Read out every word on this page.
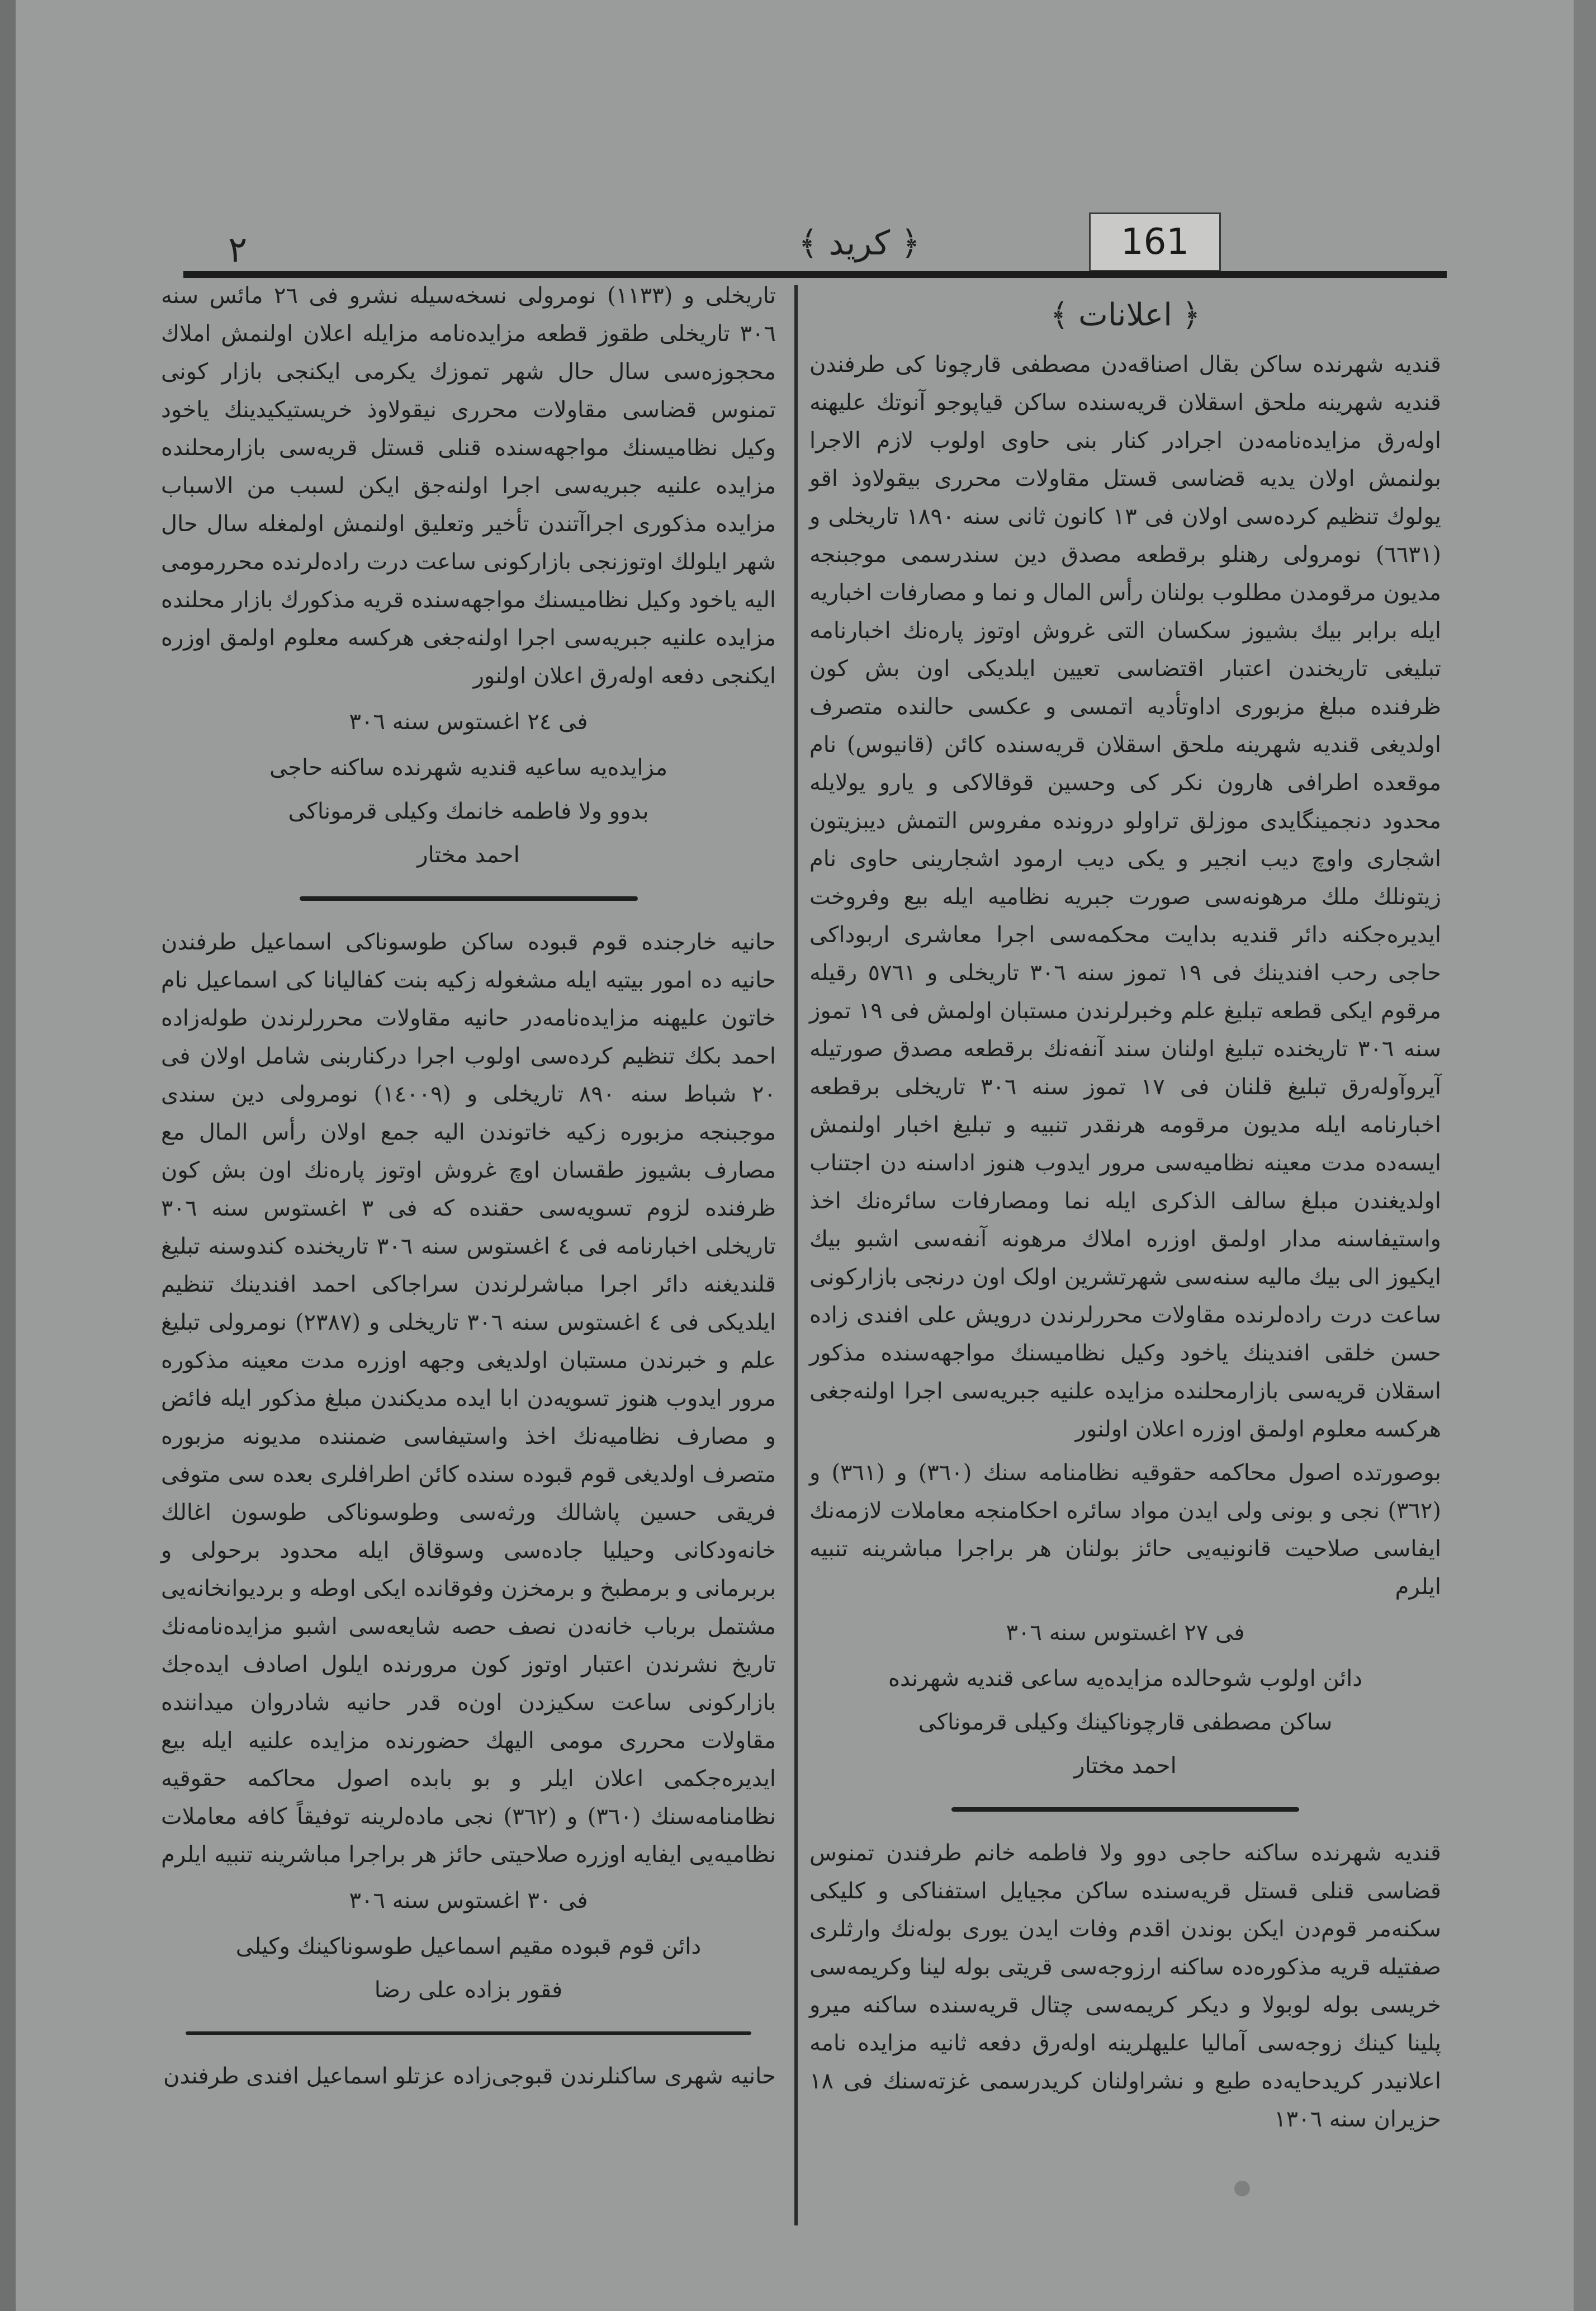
٢	161
﴿ كريد ﴾
﴿ اعلانات ﴾

قندیه شهرنده ساکن بقال اصناقه‌دن مصطفی قارچونا کی طرفندن قندیه شهرینه ملحق اسقلان قریه‌سنده ساکن قیاپوجو آنوتك علیهنه اوله‌رق مزایده‌نامه‌دن اجرادر کنار بنی حاوی اولوب لازم الاجرا بولنمش اولان یدیه قضاسی قستل مقاولات محرری بیقولاوذ اقو یولوك تنظیم کرده‌سی اولان فی ١٣ کانون ثانی سنه ١٨٩٠ تاریخلی و (٦٦٣١) نومرولی رهنلو برقطعه مصدق دین سندرسمی موجبنجه مدیون مرقومدن مطلوب بولنان رأس المال و نما و مصارفات اخباریه ایله برابر بیك بشیوز سکسان التی غروش اوتوز پاره‌نك اخبارنامه تبلیغی تاریخندن اعتبار اقتضاسی تعیین ایلدیکی اون بش کون ظرفنده مبلغ مزبوری اداوتأدیه اتمسی و عکسی حالنده متصرف اولدیغی قندیه شهرینه ملحق اسقلان قریه‌سنده کائن (قانیوس) نام موقعده اطرافی هارون نکر کی وحسین قوقالاکی و یارو یولایله محدود دنجمینگایدی موزلق تراولو درونده مفروس التمش دیبزیتون اشجاری واوچ دیب انجیر و یکی دیب ارمود اشجارینی حاوی نام زیتونلك ملك مرهونه‌سی صورت جبریه نظامیه ایله بیع وفروخت ایدیره‌جکنه دائر قندیه بدایت محکمه‌سی اجرا معاشری اربوداکی حاجی رحب افندینك فی ١٩ تموز سنه ٣٠٦ تاریخلی و ٥٧٦١ رقیله مرقوم ایکی قطعه تبلیغ علم وخبرلرندن مستبان اولمش فی ١٩ تموز سنه ٣٠٦ تاریخنده تبلیغ اولنان سند آنفه‌نك برقطعه مصدق صورتیله آیروآوله‌رق تبلیغ قلنان فی ١٧ تموز سنه ٣٠٦ تاریخلی برقطعه اخبارنامه ایله مدیون مرقومه هرنقدر تنبیه و تبلیغ اخبار اولنمش ایسه‌ده مدت معینه نظامیه‌سی مرور ایدوب هنوز اداسنه دن اجتناب اولدیغندن مبلغ سالف الذکری ایله نما ومصارفات سائره‌نك اخذ واستیفاسنه مدار اولمق اوزره املاك مرهونه آنفه‌سی اشبو بیك ایکیوز الی بیك مالیه سنه‌سی شهرتشرین اولک اون درنجی بازارکونی ساعت درت راده‌لرنده مقاولات محررلرندن درویش علی افندی زاده حسن خلقی افندینك یاخود وکیل نظامیسنك مواجهه‌سنده مذکور اسقلان قریه‌سی بازارمحلنده مزایده علنیه جبریه‌سی اجرا اولنه‌جغی هرکسه معلوم اولمق اوزره اعلان اولنور

بوصورتده اصول محاکمه حقوقیه نظامنامه سنك (٣٦٠) و (٣٦١) و (٣٦٢) نجی و بونی ولی ایدن مواد سائره احکامنجه معاملات لازمه‌نك ایفاسی صلاحیت قانونیه‌یی حائز بولنان هر براجرا مباشرینه تنبیه ایلرم

فی ٢٧ اغستوس سنه ٣٠٦

دائن اولوب شوحالده مزایده‌یه ساعی قندیه شهرنده

ساکن مصطفی قارچوناکینك وکیلی قرموناکی

احمد مختار

قندیه شهرنده ساکنه حاجی دوو ولا فاطمه خانم طرفندن تمنوس قضاسی قنلی قستل قریه‌سنده ساکن مجیایل استفناکی و کلیکی سکنه‌مر قوم‌دن ایکن بوندن اقدم وفات ایدن یوری بوله‌نك وارثلری صفتیله قریه مذکوره‌ده ساکنه ارزوجه‌سی قریتی بوله لینا وکریمه‌سی خریسی بوله لوبولا و دیکر کریمه‌سی چتال قریه‌سنده ساکنه میرو پلینا کینك زوجه‌سی آمالیا علیهلرینه اوله‌رق دفعه ثانیه مزایده نامه اعلانیدر کریدحایه‌ده طبع و نشراولنان کریدرسمی غزته‌سنك فی ١٨ حزیران سنه ١٣٠٦

تاریخلی و (١١٣٣) نومرولی نسخه‌سیله نشرو فی ٢٦ مائس سنه ٣٠٦ تاریخلی طقوز قطعه مزایده‌نامه مزایله اعلان اولنمش املاك محجوزه‌سی سال حال شهر تموزك یکرمی ایکنجی بازار کونی تمنوس قضاسی مقاولات محرری نیقولاوذ خریستیکیدینك یاخود وکیل نظامیسنك مواجهه‌سنده قنلی قستل قریه‌سی بازارمحلنده مزایده علنیه جبریه‌سی اجرا اولنه‌جق ایکن لسبب من الاسباب مزایده مذکوری اجراآتندن تأخیر وتعلیق اولنمش اولمغله سال حال شهر ایلولك اوتوزنجی بازارکونی ساعت درت راده‌لرنده محررمومی الیه یاخود وکیل نظامیسنك مواجهه‌سنده قریه مذکورك بازار محلنده مزایده علنیه جبریه‌سی اجرا اولنه‌جغی هرکسه معلوم اولمق اوزره ایکنجی دفعه اوله‌رق اعلان اولنور

فی ٢٤ اغستوس سنه ٣٠٦

مزایده‌یه ساعیه قندیه شهرنده ساکنه حاجی

بدوو ولا فاطمه خانمك وکیلی قرموناکی

احمد مختار

حانیه خارجنده قوم قبوده ساکن طوسوناکی اسماعیل طرفندن حانیه ده امور بیتیه ایله مشغوله زکیه بنت کفالیانا کی اسماعیل نام خاتون علیهنه مزایده‌نامه‌در حانیه مقاولات محررلرندن طوله‌زاده احمد بکك تنظیم کرده‌سی اولوب اجرا درکناربنی شامل اولان فی ٢٠ شباط سنه ٨٩٠ تاریخلی و (١٤٠٠٩) نومرولی دین سندی موجبنجه مزبوره زکیه خاتوندن الیه جمع اولان رأس المال مع مصارف بشیوز طقسان اوچ غروش اوتوز پاره‌نك اون بش کون ظرفنده لزوم تسویه‌سی حقنده که فی ٣ اغستوس سنه ٣٠٦ تاریخلی اخبارنامه فی ٤ اغستوس سنه ٣٠٦ تاریخنده کندوسنه تبلیغ قلندیغنه دائر اجرا مباشرلرندن سراجاکی احمد افندینك تنظیم ایلدیکی فی ٤ اغستوس سنه ٣٠٦ تاریخلی و (٢٣٨٧) نومرولی تبلیغ علم و خبرندن مستبان اولدیغی وجهه اوزره مدت معینه مذکوره مرور ایدوب هنوز تسویه‌دن ابا ایده مدیکندن مبلغ مذکور ایله فائض و مصارف نظامیه‌نك اخذ واستیفاسی ضمننده مدیونه مزبوره متصرف اولدیغی قوم قبوده سنده کائن اطرافلری بعده سی متوفی فریقی حسین پاشالك ورثه‌سی وطوسوناکی طوسون اغالك خانه‌ودکانی وحیلیا جاده‌سی وسوقاق ایله محدود برحولی و بربرمانی و برمطبخ و برمخزن وفوقانده ایکی اوطه و بردیوانخانه‌یی مشتمل برباب خانه‌دن نصف حصه شایعه‌سی اشبو مزایده‌نامه‌نك تاریخ نشرندن اعتبار اوتوز کون مرورنده ایلول اصادف ایده‌جك بازارکونی ساعت سکیزدن اون‌ه قدر حانیه شادروان میداننده مقاولات محرری مومی الیهك حضورنده مزایده علنیه ایله بیع ایدیره‌جکمی اعلان ایلر و بو بابده اصول محاکمه حقوقیه نظامنامه‌سنك (٣٦٠) و (٣٦٢) نجی ماده‌لرینه توفیقاً کافه معاملات نظامیه‌یی ایفایه اوزره صلاحیتی حائز هر براجرا مباشرینه تنبیه ایلرم

فی ٣٠ اغستوس سنه ٣٠٦

دائن قوم قبوده مقیم اسماعیل طوسوناکینك وکیلی

فقور بزاده علی رضا

حانیه شهری ساکنلرندن قبوجی‌زاده عزتلو اسماعیل افندی طرفندن
